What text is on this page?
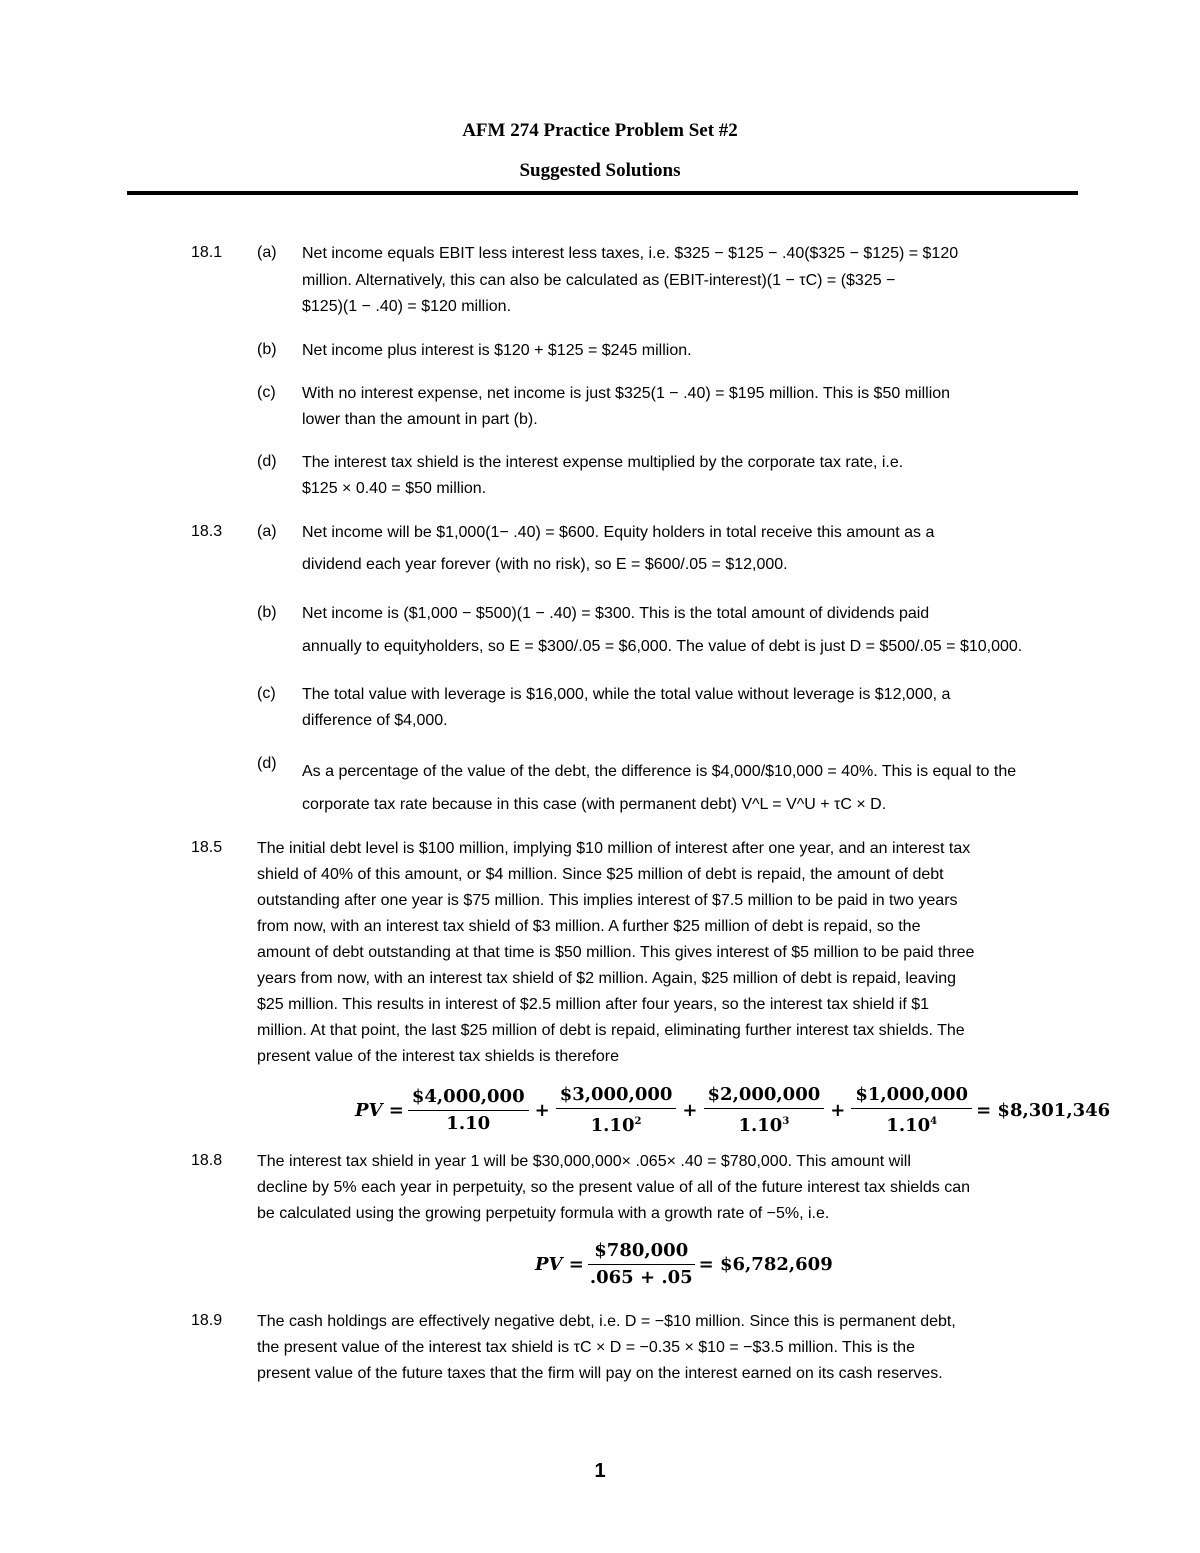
AFM 274 Practice Problem Set #2
Suggested Solutions
18.1 (a) Net income equals EBIT less interest less taxes, i.e. $325 − $125 − .40($325 − $125) = $120
million. Alternatively, this can also be calculated as (EBIT-interest)(1 − τC) = ($325 −
$125)(1 − .40) = $120 million.
(b) Net income plus interest is $120 + $125 = $245 million.
(c) With no interest expense, net income is just $325(1 − .40) = $195 million. This is $50 million
lower than the amount in part (b).
(d) The interest tax shield is the interest expense multiplied by the corporate tax rate, i.e.
$125 × 0.40 = $50 million.
18.3 (a) Net income will be $1,000(1− .40) = $600. Equity holders in total receive this amount as a
dividend each year forever (with no risk), so E = $600/.05 = $12,000.
(b) Net income is ($1,000 − $500)(1 − .40) = $300. This is the total amount of dividends paid
annually to equityholders, so E = $300/.05 = $6,000. The value of debt is just D = $500/.05 = $10,000.
(c) The total value with leverage is $16,000, while the total value without leverage is $12,000, a
difference of $4,000.
(d) As a percentage of the value of the debt, the difference is $4,000/$10,000 = 40%. This is equal to the
corporate tax rate because in this case (with permanent debt) V^L = V^U + τC × D.
18.5 The initial debt level is $100 million, implying $10 million of interest after one year, and an interest tax
shield of 40% of this amount, or $4 million. Since $25 million of debt is repaid, the amount of debt
outstanding after one year is $75 million. This implies interest of $7.5 million to be paid in two years
from now, with an interest tax shield of $3 million. A further $25 million of debt is repaid, so the
amount of debt outstanding at that time is $50 million. This gives interest of $5 million to be paid three
years from now, with an interest tax shield of $2 million. Again, $25 million of debt is repaid, leaving
$25 million. This results in interest of $2.5 million after four years, so the interest tax shield if $1
million. At that point, the last $25 million of debt is repaid, eliminating further interest tax shields. The
present value of the interest tax shields is therefore
PV = $\frac{\$4,000,000}{1.10} + \frac{\$3,000,000}{1.10^2} + \frac{\$2,000,000}{1.10^3} + \frac{\$1,000,000}{1.10^4}$ = $8,301,346
18.8 The interest tax shield in year 1 will be $30,000,000× .065× .40 = $780,000. This amount will
decline by 5% each year in perpetuity, so the present value of all of the future interest tax shields can
be calculated using the growing perpetuity formula with a growth rate of −5%, i.e.
PV = $\frac{\$780,000}{.065 + .05}$ = $6,782,609
18.9 The cash holdings are effectively negative debt, i.e. D = −$10 million. Since this is permanent debt,
the present value of the interest tax shield is τC × D = −0.35 × $10 = −$3.5 million. This is the
present value of the future taxes that the firm will pay on the interest earned on its cash reserves.
1
